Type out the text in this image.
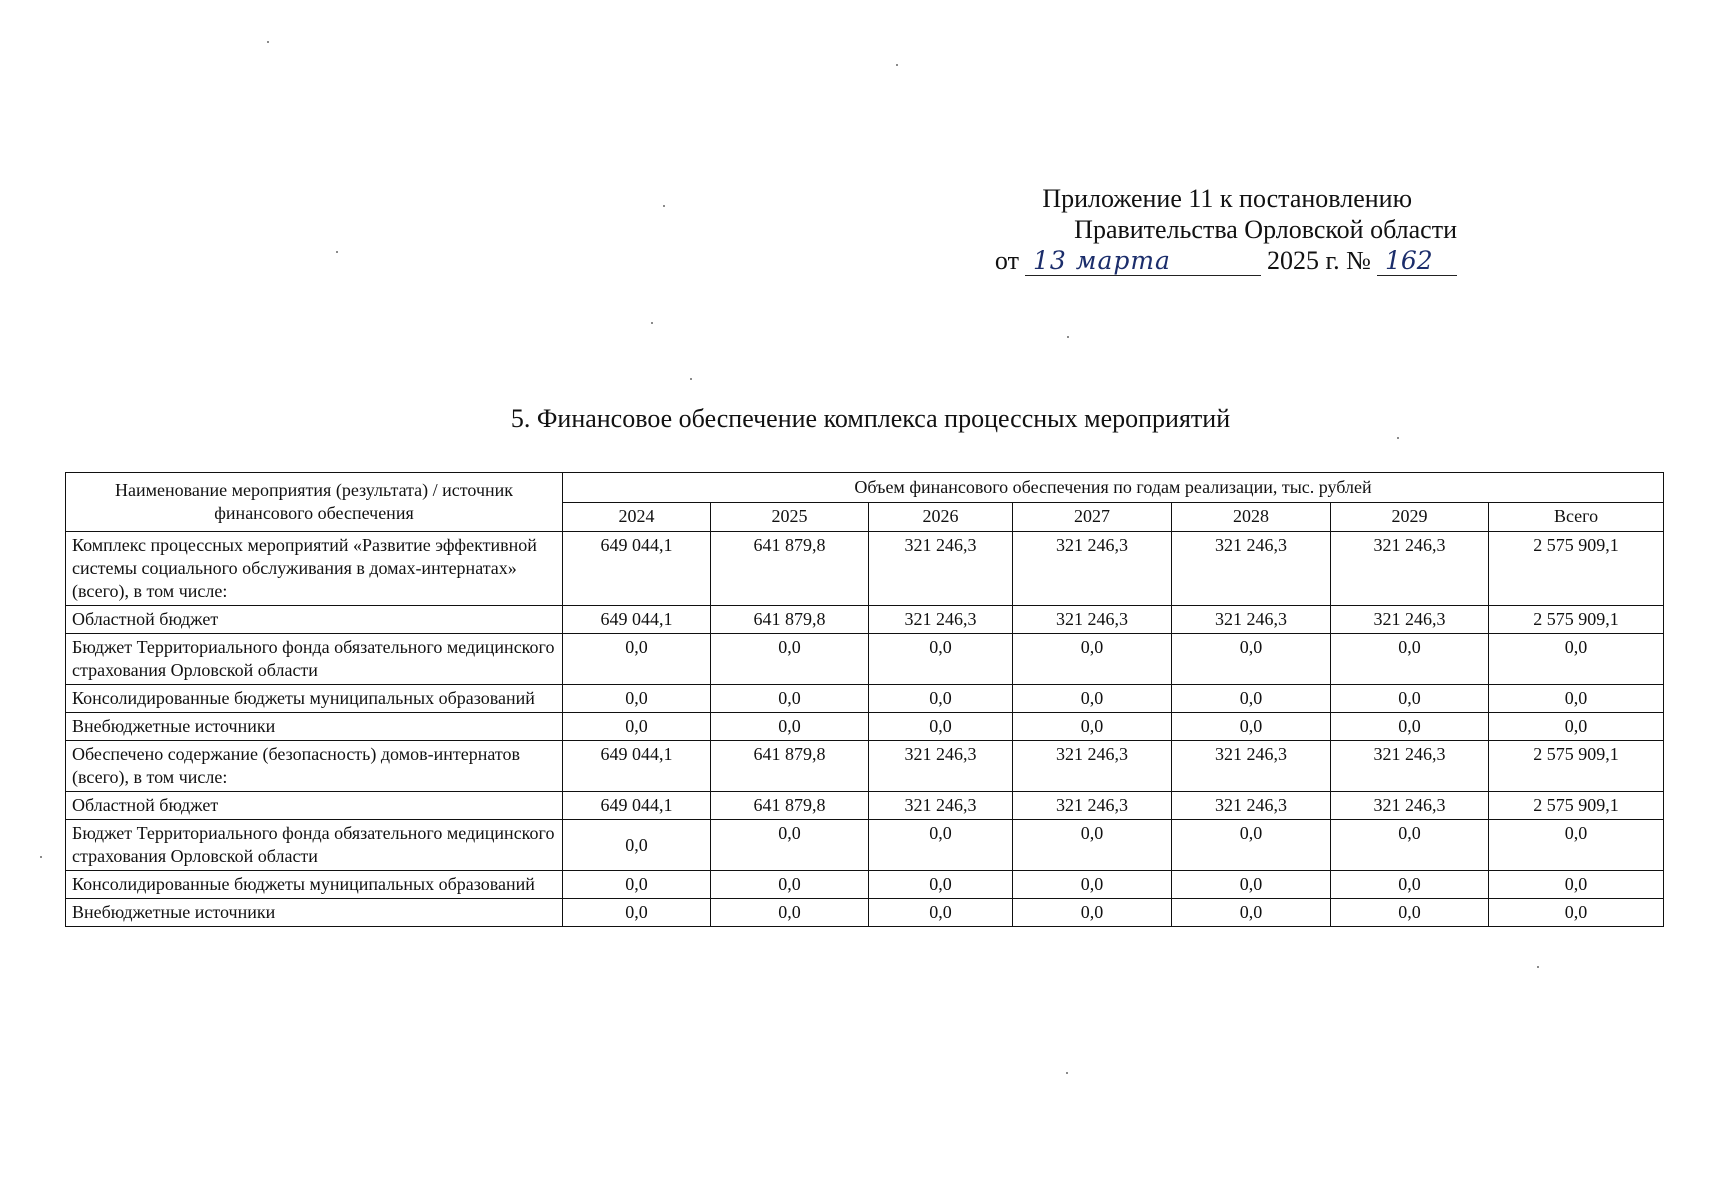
Приложение 11 к постановлению
Правительства Орловской области
от 13 марта	2025 г. № 162
5. Финансовое обеспечение комплекса процессных мероприятий
Наименование мероприятия (результата) / источник финансового обеспечения	Объем финансового обеспечения по годам реализации, тыс. рублей						
	2024	2025	2026	2027	2028	2029	Всего
Комплекс процессных мероприятий «Развитие эффективной системы социального обслуживания в домах-интернатах» (всего), в том числе:	649 044,1	641 879,8	321 246,3	321 246,3	321 246,3	321 246,3	2 575 909,1
Областной бюджет	649 044,1	641 879,8	321 246,3	321 246,3	321 246,3	321 246,3	2 575 909,1
Бюджет Территориального фонда обязательного медицинского страхования Орловской области	0,0	0,0	0,0	0,0	0,0	0,0	0,0
Консолидированные бюджеты муниципальных образований	0,0	0,0	0,0	0,0	0,0	0,0	0,0
Внебюджетные источники	0,0	0,0	0,0	0,0	0,0	0,0	0,0
Обеспечено содержание (безопасность) домов-интернатов (всего), в том числе:	649 044,1	641 879,8	321 246,3	321 246,3	321 246,3	321 246,3	2 575 909,1
Областной бюджет	649 044,1	641 879,8	321 246,3	321 246,3	321 246,3	321 246,3	2 575 909,1
Бюджет Территориального фонда обязательного медицинского страхования Орловской области	0,0	0,0	0,0	0,0	0,0	0,0	0,0
Консолидированные бюджеты муниципальных образований	0,0	0,0	0,0	0,0	0,0	0,0	0,0
Внебюджетные источники	0,0	0,0	0,0	0,0	0,0	0,0	0,0
